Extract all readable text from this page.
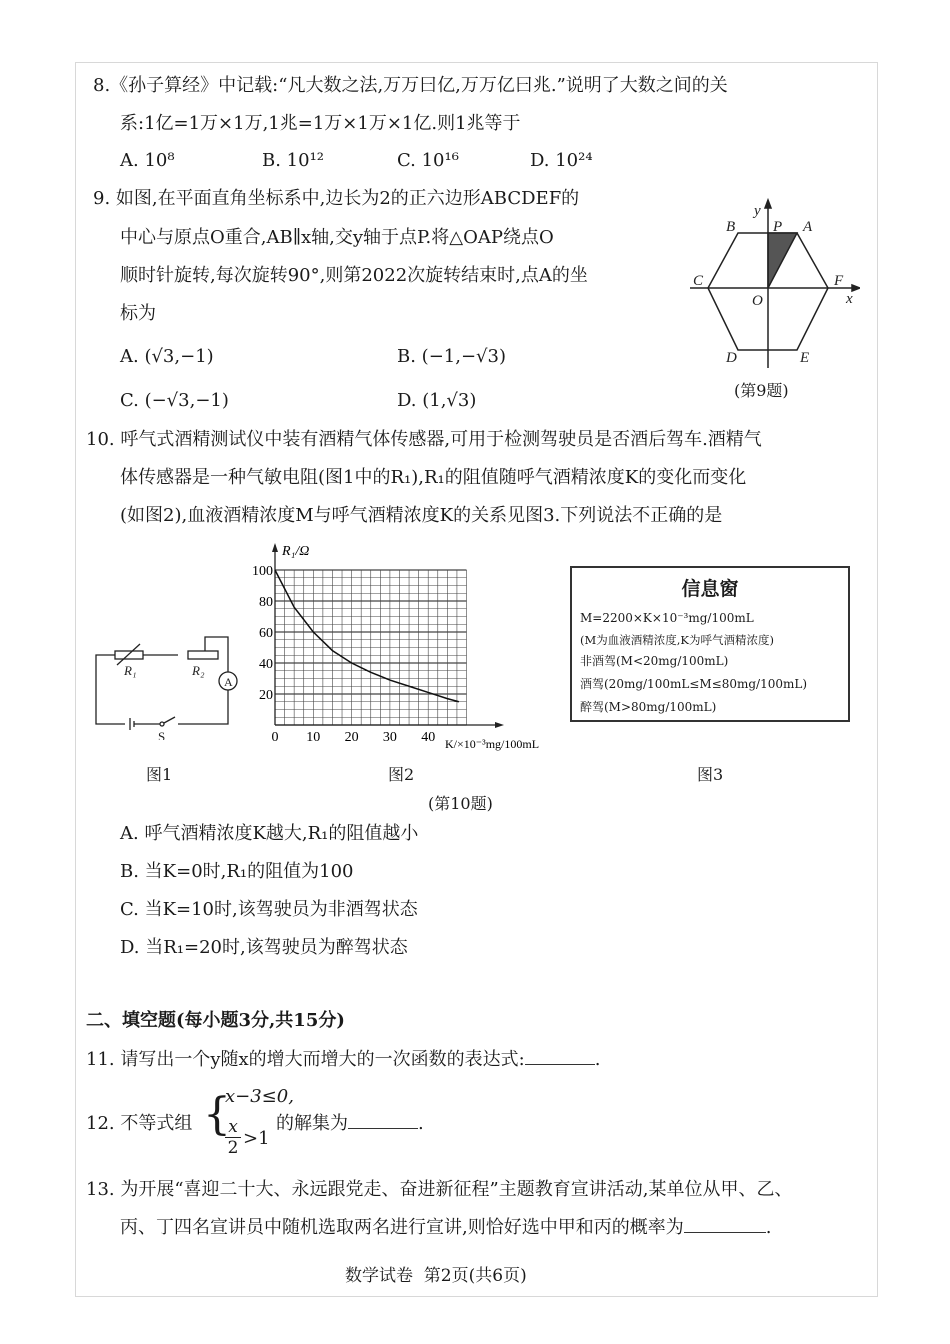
8.《孙子算经》中记载:“凡大数之法,万万曰亿,万万亿曰兆.”说明了大数之间的关
系:1亿=1万×1万,1兆=1万×1万×1亿.则1兆等于
A. 10⁸	B. 10¹²	C. 10¹⁶	D. 10²⁴
9. 如图,在平面直角坐标系中,边长为2的正六边形ABCDEF的
中心与原点O重合,AB∥x轴,交y轴于点P.将△OAP绕点O
顺时针旋转,每次旋转90°,则第2022次旋转结束时,点A的坐
标为
A. (√3,−1)	B. (−1,−√3)
C. (−√3,−1)	D. (1,√3)
B
y
P A
C	F
O	x
D	E
(第9题)
10. 呼气式酒精测试仪中装有酒精气体传感器,可用于检测驾驶员是否酒后驾车.酒精气
体传感器是一种气敏电阻(图1中的R₁),R₁的阻值随呼气酒精浓度K的变化而变化
(如图2),血液酒精浓度M与呼气酒精浓度K的关系见图3.下列说法不正确的是
R₁	R₂
A
S
R₁/Ω
K/×10⁻³mg/100mL
100
80
60
40
20
0 10 20 30 40
信息窗
M=2200×K×10⁻³mg/100mL
(M为血液酒精浓度,K为呼气酒精浓度)
非酒驾(M<20mg/100mL)
酒驾(20mg/100mL≤M≤80mg/100mL)
醉驾(M>80mg/100mL)
图1	图2	图3
(第10题)
A. 呼气酒精浓度K越大,R₁的阻值越小
B. 当K=0时,R₁的阻值为100
C. 当K=10时,该驾驶员为非酒驾状态
D. 当R₁=20时,该驾驶员为醉驾状态
二、填空题(每小题3分,共15分)
11. 请写出一个y随x的增大而增大的一次函数的表达式:	.
12. 不等式组 {
x−3≤0,
$\frac{x}{2} >1$
的解集为	.
13. 为开展“喜迎二十大、永远跟党走、奋进新征程”主题教育宣讲活动,某单位从甲、乙、
丙、丁四名宣讲员中随机选取两名进行宣讲,则恰好选中甲和丙的概率为	.
数学试卷  第2页(共6页)
